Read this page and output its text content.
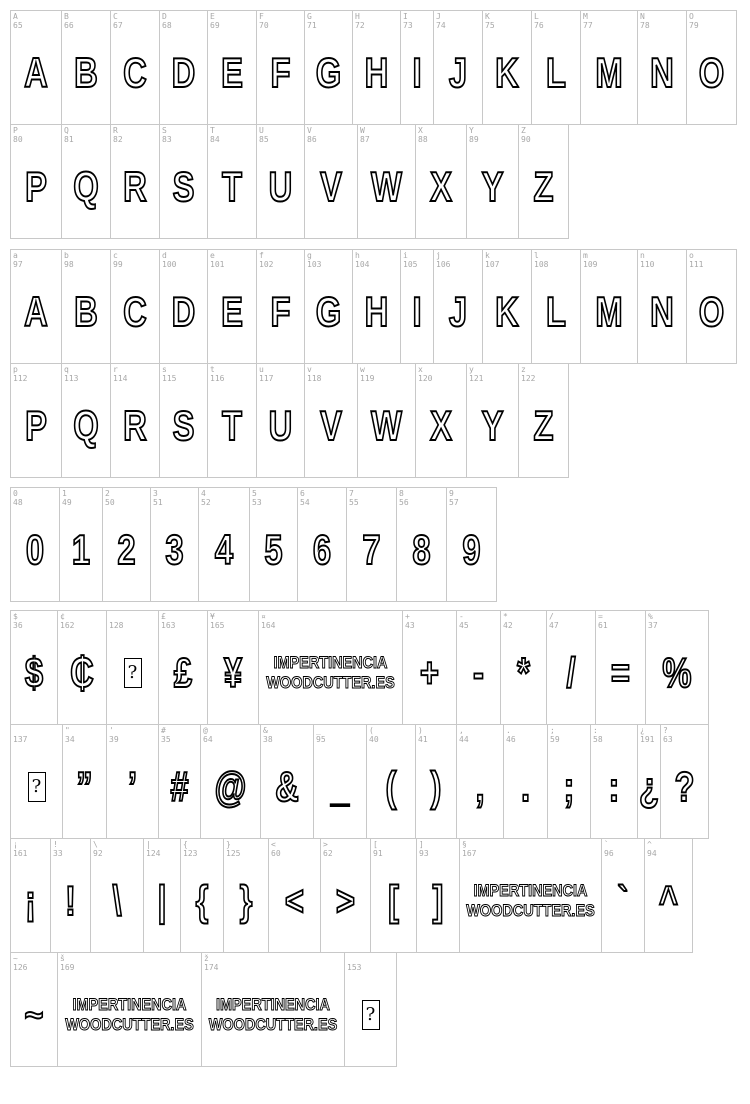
A
65
A
B
66
B
C
67
C
D
68
D
E
69
E
F
70
F
G
71
G
H
72
H
I
73
I
J
74
J
K
75
K
L
76
L
M
77
M
N
78
N
O
79
O
P
80
P
Q
81
Q
R
82
R
S
83
S
T
84
T
U
85
U
V
86
V
W
87
W
X
88
X
Y
89
Y
Z
90
Z
a
97
A
b
98
B
c
99
C
d
100
D
e
101
E
f
102
F
g
103
G
h
104
H
i
105
I
j
106
J
k
107
K
l
108
L
m
109
M
n
110
N
o
111
O
p
112
P
q
113
Q
r
114
R
s
115
S
t
116
T
u
117
U
v
118
V
w
119
W
x
120
X
y
121
Y
z
122
Z
0
48
0
1
49
1
2
50
2
3
51
3
4
52
4
5
53
5
6
54
6
7
55
7
8
56
8
9
57
9
$
36
$
¢
162
₵

128
?
£
163
£
¥
165
¥
¤
164
IMPERTINENCIA
WOODCUTTER.ES
+
43
+
-
45
-
*
42
*
/
47
/
=
61
=
%
37
%

137
?
"
34
”
'
39
’
#
35
#
@
64
@
&
38
&
_
95
_
(
40
(
)
41
)
,
44
,
.
46
.
;
59
;
:
58
:
¿
191
¿
?
63
?
¡
161
¡
!
33
!
\
92
\
|
124
|
{
123
{
}
125
}
<
60
<
>
62
>
[
91
[
]
93
]
§
167
IMPERTINENCIA
WOODCUTTER.ES
`
96
`
^
94
^
~
126
~
š
169
IMPERTINENCIA
WOODCUTTER.ES
ž
174
IMPERTINENCIA
WOODCUTTER.ES

153
?
